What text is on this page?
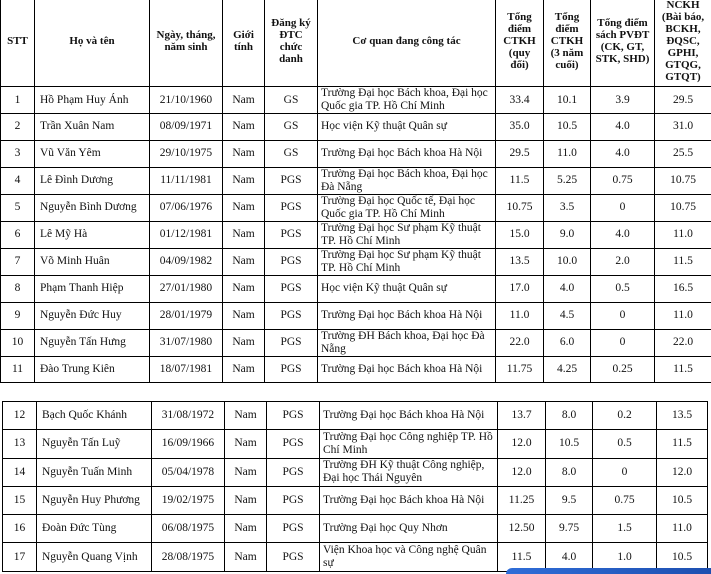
STT	Họ và tên	Ngày, tháng, năm sinh	Giới tính	Đăng ký ĐTC chức danh	Cơ quan đang công tác	Tổng điểm CTKH (quy đổi)	Tổng điểm CTKH (3 năm cuối)	Tổng điểm sách PVĐT (CK, GT, STK, SHD)	NCKH (Bài báo, BCKH, ĐQSC, GPHI, GTQG, GTQT)
1	Hồ Phạm Huy Ánh	21/10/1960	Nam	GS	Trường Đại học Bách khoa, Đại học Quốc gia TP. Hồ Chí Minh	33.4	10.1	3.9	29.5
2	Trần Xuân Nam	08/09/1971	Nam	GS	Học viện Kỹ thuật Quân sự	35.0	10.5	4.0	31.0
3	Vũ Văn Yêm	29/10/1975	Nam	GS	Trường Đại học Bách khoa Hà Nội	29.5	11.0	4.0	25.5
4	Lê Đình Dương	11/11/1981	Nam	PGS	Trường Đại học Bách khoa, Đại học Đà Nẵng	11.5	5.25	0.75	10.75
5	Nguyễn Bình Dương	07/06/1976	Nam	PGS	Trường Đại học Quốc tế, Đại học Quốc gia TP. Hồ Chí Minh	10.75	3.5	0	10.75
6	Lê Mỹ Hà	01/12/1981	Nam	PGS	Trường Đại học Sư phạm Kỹ thuật TP. Hồ Chí Minh	15.0	9.0	4.0	11.0
7	Võ Minh Huân	04/09/1982	Nam	PGS	Trường Đại học Sư phạm Kỹ thuật TP. Hồ Chí Minh	13.5	10.0	2.0	11.5
8	Phạm Thanh Hiệp	27/01/1980	Nam	PGS	Học viện Kỹ thuật Quân sự	17.0	4.0	0.5	16.5
9	Nguyễn Đức Huy	28/01/1979	Nam	PGS	Trường Đại học Bách khoa Hà Nội	11.0	4.5	0	11.0
10	Nguyễn Tấn Hưng	31/07/1980	Nam	PGS	Trường ĐH Bách khoa, Đại học Đà Nẵng	22.0	6.0	0	22.0
11	Đào Trung Kiên	18/07/1981	Nam	PGS	Trường Đại học Bách khoa Hà Nội	11.75	4.25	0.25	11.5
12	Bạch Quốc Khánh	31/08/1972	Nam	PGS	Trường Đại học Bách khoa Hà Nội	13.7	8.0	0.2	13.5
13	Nguyễn Tấn Luỹ	16/09/1966	Nam	PGS	Trường Đại học Công nghiệp TP. Hồ Chí Minh	12.0	10.5	0.5	11.5
14	Nguyễn Tuấn Minh	05/04/1978	Nam	PGS	Trường ĐH Kỹ thuật Công nghiệp, Đại học Thái Nguyên	12.0	8.0	0	12.0
15	Nguyễn Huy Phương	19/02/1975	Nam	PGS	Trường Đại học Bách khoa Hà Nội	11.25	9.5	0.75	10.5
16	Đoàn Đức Tùng	06/08/1975	Nam	PGS	Trường Đại học Quy Nhơn	12.50	9.75	1.5	11.0
17	Nguyễn Quang Vịnh	28/08/1975	Nam	PGS	Viện Khoa học và Công nghệ Quân sự	11.5	4.0	1.0	10.5
